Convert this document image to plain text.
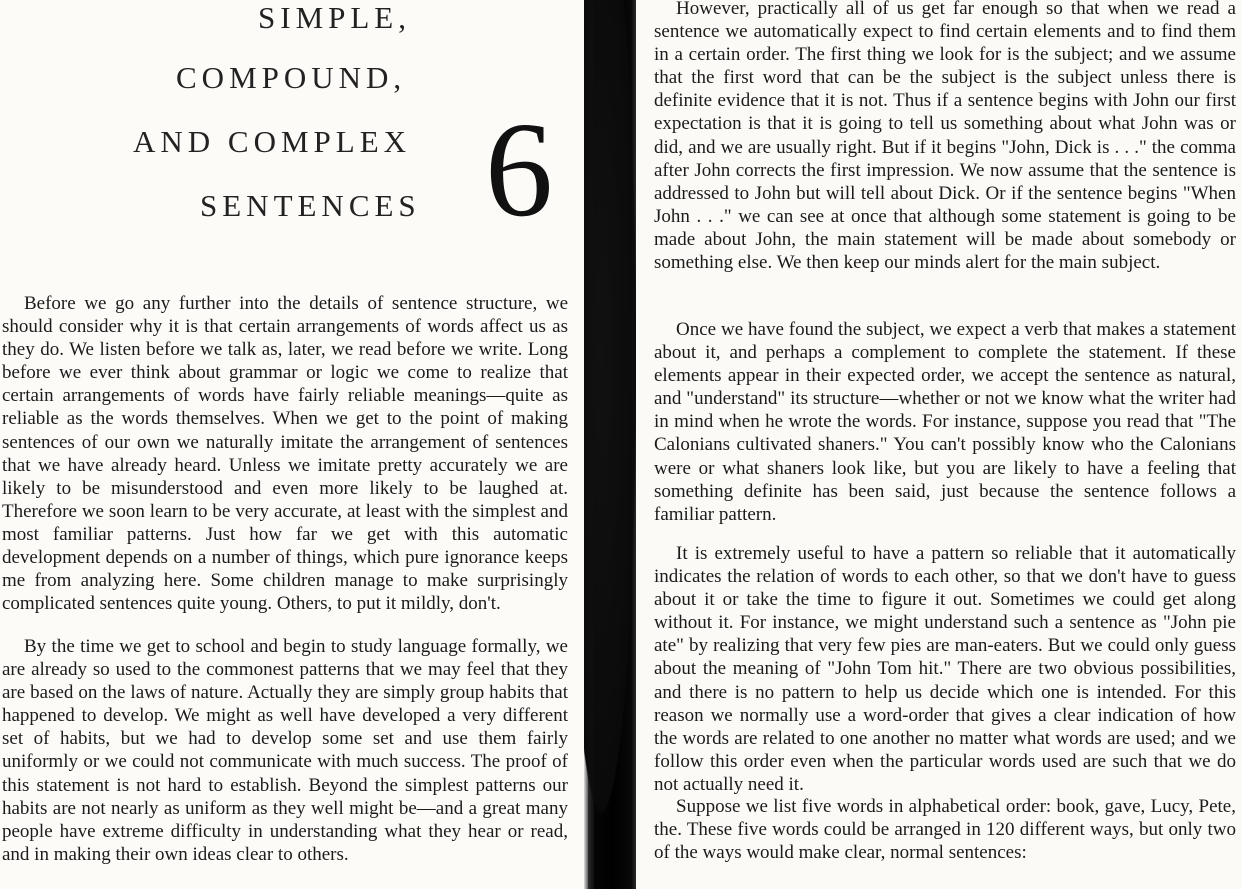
SIMPLE,
COMPOUND,
AND COMPLEX
SENTENCES 6

Before we go any further into the details of sentence structure, we should consider why it is that certain arrangements of words affect us as they do. We listen before we talk as, later, we read before we write. Long before we ever think about grammar or logic we come to realize that certain arrangements of words have fairly reliable meanings—quite as reliable as the words themselves. When we get to the point of making sentences of our own we naturally imitate the arrangement of sentences that we have already heard. Unless we imitate pretty accurately we are likely to be misunderstood and even more likely to be laughed at. Therefore we soon learn to be very accurate, at least with the simplest and most familiar patterns. Just how far we get with this automatic development depends on a number of things, which pure ignorance keeps me from analyzing here. Some children manage to make surprisingly complicated sentences quite young. Others, to put it mildly, don't.

By the time we get to school and begin to study language formally, we are already so used to the commonest patterns that we may feel that they are based on the laws of nature. Actually they are simply group habits that happened to develop. We might as well have developed a very different set of habits, but we had to develop some set and use them fairly uniformly or we could not communicate with much success. The proof of this statement is not hard to establish. Beyond the simplest patterns our habits are not nearly as uniform as they well might be—and a great many people have extreme difficulty in understanding what they hear or read, and in making their own ideas clear to others.

However, practically all of us get far enough so that when we read a sentence we automatically expect to find certain elements and to find them in a certain order. The first thing we look for is the subject; and we assume that the first word that can be the subject is the subject unless there is definite evidence that it is not. Thus if a sentence begins with John our first expectation is that it is going to tell us something about what John was or did, and we are usually right. But if it begins "John, Dick is . . ." the comma after John corrects the first impression. We now assume that the sentence is addressed to John but will tell about Dick. Or if the sentence begins "When John . . ." we can see at once that although some statement is going to be made about John, the main statement will be made about somebody or something else. We then keep our minds alert for the main subject.

Once we have found the subject, we expect a verb that makes a statement about it, and perhaps a complement to complete the statement. If these elements appear in their expected order, we accept the sentence as natural, and "understand" its structure—whether or not we know what the writer had in mind when he wrote the words. For instance, suppose you read that "The Calonians cultivated shaners." You can't possibly know who the Calonians were or what shaners look like, but you are likely to have a feeling that something definite has been said, just because the sentence follows a familiar pattern.

It is extremely useful to have a pattern so reliable that it automatically indicates the relation of words to each other, so that we don't have to guess about it or take the time to figure it out. Sometimes we could get along without it. For instance, we might understand such a sentence as "John pie ate" by realizing that very few pies are man-eaters. But we could only guess about the meaning of "John Tom hit." There are two obvious possibilities, and there is no pattern to help us decide which one is intended. For this reason we normally use a word-order that gives a clear indication of how the words are related to one another no matter what words are used; and we follow this order even when the particular words used are such that we do not actually need it.

Suppose we list five words in alphabetical order: book, gave, Lucy, Pete, the. These five words could be arranged in 120 different ways, but only two of the ways would make clear, normal sentences:
